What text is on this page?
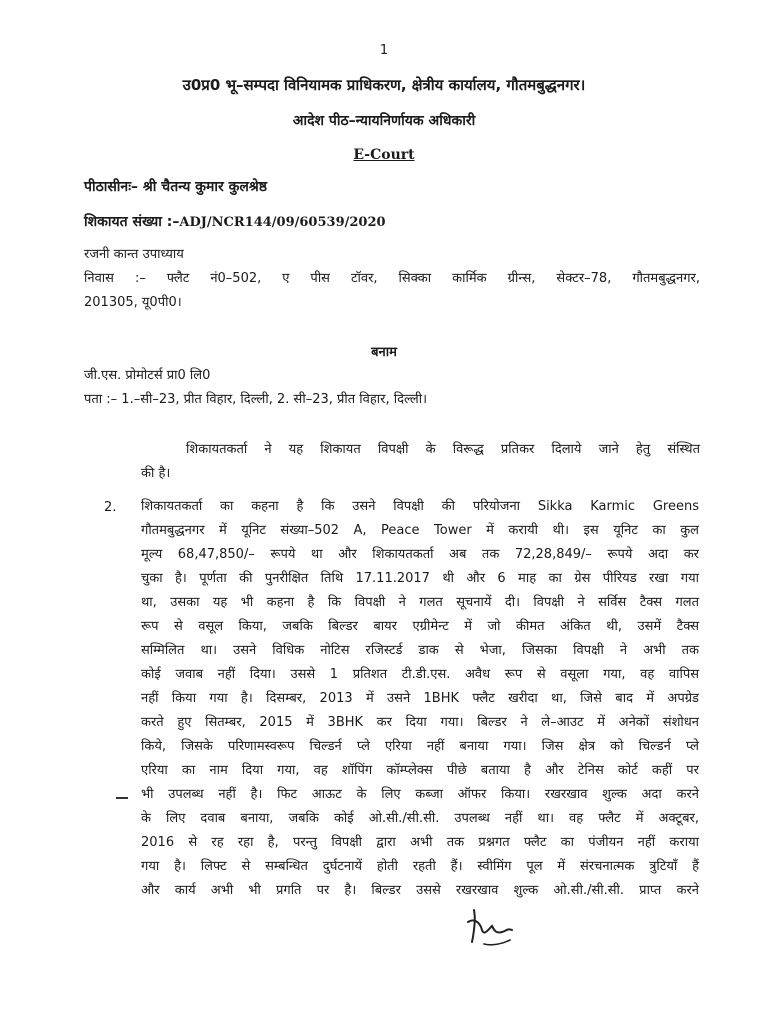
1
उ0प्र0 भू–सम्पदा विनियामक प्राधिकरण, क्षेत्रीय कार्यालय, गौतमबुद्धनगर।
आदेश पीठ–न्यायनिर्णायक अधिकारी
E-Court
पीठासीनः– श्री चैतन्य कुमार कुलश्रेष्ठ
शिकायत संख्या :–ADJ/NCR144/09/60539/2020
रजनी कान्त उपाध्याय
निवास :– फ्लैट नं0–502, ए पीस टॉवर, सिक्का कार्मिक ग्रीन्स, सेक्टर–78, गौतमबुद्धनगर,
201305, यू0पी0।
बनाम
जी.एस. प्रोमोटर्स प्रा0 लि0
पता :– 1.–सी–23, प्रीत विहार, दिल्ली, 2. सी–23, प्रीत विहार, दिल्ली।
शिकायतकर्ता ने यह शिकायत विपक्षी के विरूद्ध प्रतिकर दिलाये जाने हेतु संस्थित
की है।
2. शिकायतकर्ता का कहना है कि उसने विपक्षी की परियोजना Sikka Karmic Greens
गौतमबुद्धनगर में यूनिट संख्या–502 A, Peace Tower में करायी थी। इस यूनिट का कुल
मूल्य 68,47,850/– रूपये था और शिकायतकर्ता अब तक 72,28,849/– रूपये अदा कर
चुका है। पूर्णता की पुनरीक्षित तिथि 17.11.2017 थी और 6 माह का ग्रेस पीरियड रखा गया
था, उसका यह भी कहना है कि विपक्षी ने गलत सूचनायें दी। विपक्षी ने सर्विस टैक्स गलत
रूप से वसूल किया, जबकि बिल्डर बायर एग्रीमेन्ट में जो कीमत अंकित थी, उसमें टैक्स
सम्मिलित था। उसने विधिक नोटिस रजिस्टर्ड डाक से भेजा, जिसका विपक्षी ने अभी तक
कोई जवाब नहीं दिया। उससे 1 प्रतिशत टी.डी.एस. अवैध रूप से वसूला गया, वह वापिस
नहीं किया गया है। दिसम्बर, 2013 में उसने 1BHK फ्लैट खरीदा था, जिसे बाद में अपग्रेड
करते हुए सितम्बर, 2015 में 3BHK कर दिया गया। बिल्डर ने ले–आउट में अनेकों संशोधन
किये, जिसके परिणामस्वरूप चिल्डर्न प्ले एरिया नहीं बनाया गया। जिस क्षेत्र को चिल्डर्न प्ले
एरिया का नाम दिया गया, वह शॉपिंग कॉम्प्लेक्स पीछे बताया है और टेनिस कोर्ट कहीं पर
भी उपलब्ध नहीं है। फिट आऊट के लिए कब्जा ऑफर किया। रखरखाव शुल्क अदा करने
के लिए दवाब बनाया, जबकि कोई ओ.सी./सी.सी. उपलब्ध नहीं था। वह फ्लैट में अक्टूबर,
2016 से रह रहा है, परन्तु विपक्षी द्वारा अभी तक प्रश्नगत फ्लैट का पंजीयन नहीं कराया
गया है। लिफ्ट से सम्बन्धित दुर्घटनायें होती रहती हैं। स्वीमिंग पूल में संरचनात्मक त्रुटियाँ हैं
और कार्य अभी भी प्रगति पर है। बिल्डर उससे रखरखाव शुल्क ओ.सी./सी.सी. प्राप्त करने
